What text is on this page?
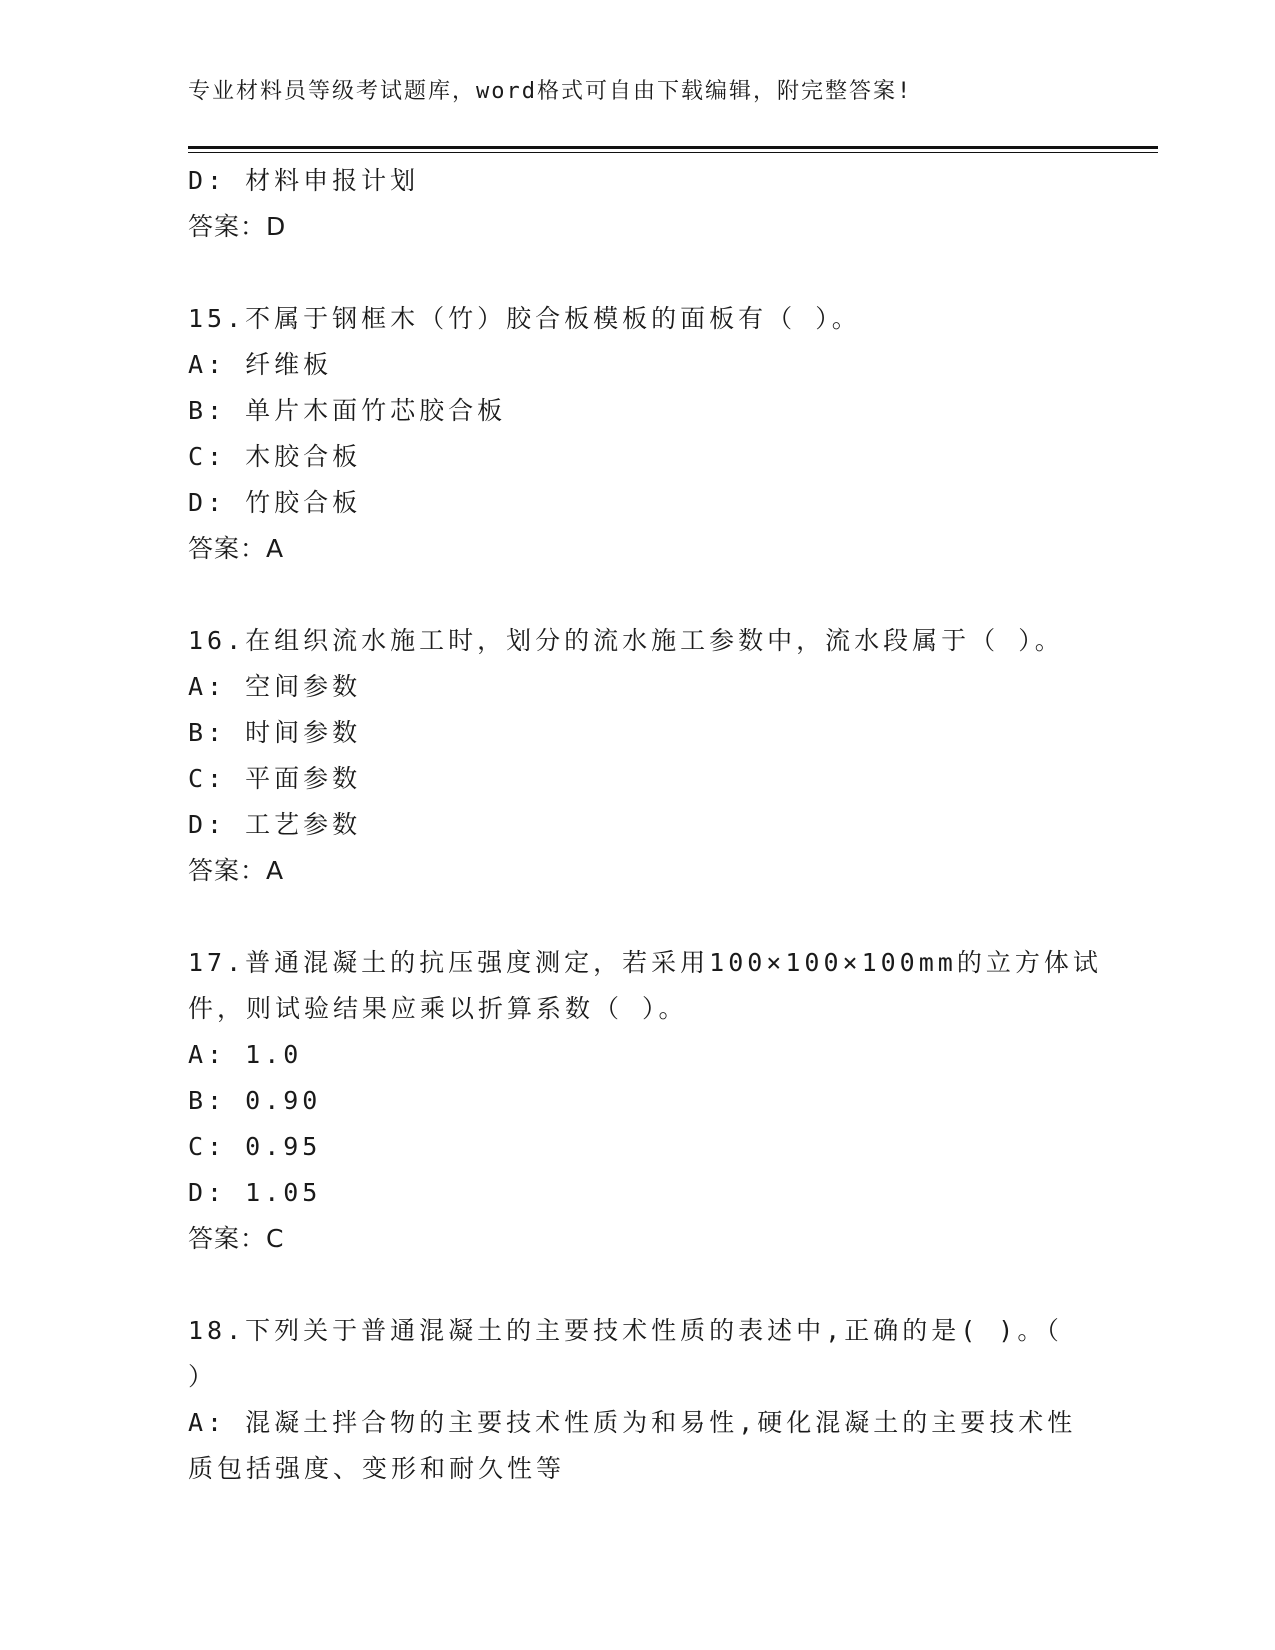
专业材料员等级考试题库，word格式可自由下载编辑，附完整答案!
D: 材料申报计划
答案：D
15.不属于钢框木（竹）胶合板模板的面板有（ ）。
A: 纤维板
B: 单片木面竹芯胶合板
C: 木胶合板
D: 竹胶合板
答案：A
16.在组织流水施工时，划分的流水施工参数中，流水段属于（ ）。
A: 空间参数
B: 时间参数
C: 平面参数
D: 工艺参数
答案：A
17.普通混凝土的抗压强度测定，若采用100×100×100mm的立方体试
件，则试验结果应乘以折算系数（ ）。
A: 1.0
B: 0.90
C: 0.95
D: 1.05
答案：C
18.下列关于普通混凝土的主要技术性质的表述中,正确的是( )。（
）
A: 混凝土拌合物的主要技术性质为和易性,硬化混凝土的主要技术性
质包括强度、变形和耐久性等
